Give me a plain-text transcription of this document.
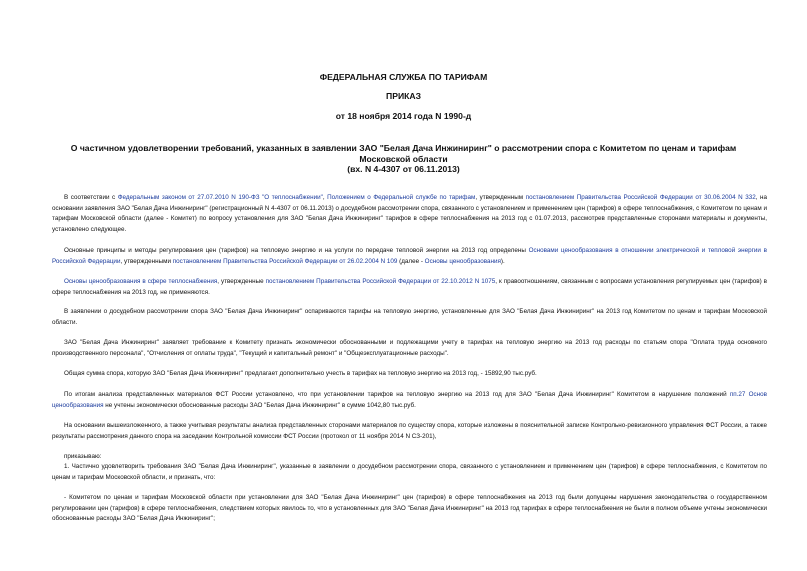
ФЕДЕРАЛЬНАЯ СЛУЖБА ПО ТАРИФАМ
ПРИКАЗ
от 18 ноября 2014 года N 1990-д
О частичном удовлетворении требований, указанных в заявлении ЗАО "Белая Дача Инжиниринг" о рассмотрении спора с Комитетом по ценам и тарифам
Московской области
(вх. N 4-4307 от 06.11.2013)
В соответствии с Федеральным законом от 27.07.2010 N 190-ФЗ "О теплоснабжении", Положением о Федеральной службе по тарифам, утвержденным постановлением Правительства Российской Федерации от 30.06.2004 N 332, на основании заявления ЗАО "Белая Дача Инжиниринг" (регистрационный N 4-4307 от 06.11.2013) о досудебном рассмотрении спора, связанного с установлением и применением цен (тарифов) в сфере теплоснабжения, с Комитетом по ценам и тарифам Московской области (далее - Комитет) по вопросу установления для ЗАО "Белая Дача Инжиниринг" тарифов в сфере теплоснабжения на 2013 год с 01.07.2013, рассмотрев представленные сторонами материалы и документы, установлено следующее.
Основные принципы и методы регулирования цен (тарифов) на тепловую энергию и на услуги по передаче тепловой энергии на 2013 год определены Основами ценообразования в отношении электрической и тепловой энергии в Российской Федерации, утвержденными постановлением Правительства Российской Федерации от 26.02.2004 N 109 (далее - Основы ценообразования).
Основы ценообразования в сфере теплоснабжения, утвержденные постановлением Правительства Российской Федерации от 22.10.2012 N 1075, к правоотношениям, связанным с вопросами установления регулируемых цен (тарифов) в сфере теплоснабжения на 2013 год, не применяются.
В заявлении о досудебном рассмотрении спора ЗАО "Белая Дача Инжиниринг" оспариваются тарифы на тепловую энергию, установленные для ЗАО "Белая Дача Инжиниринг" на 2013 год Комитетом по ценам и тарифам Московской области.
ЗАО "Белая Дача Инжиниринг" заявляет требование к Комитету признать экономически обоснованными и подлежащими учету в тарифах на тепловую энергию на 2013 год расходы по статьям спора "Оплата труда основного производственного персонала", "Отчисления от оплаты труда", "Текущий и капитальный ремонт" и "Общеэксплуатационные расходы".
Общая сумма спора, которую ЗАО "Белая Дача Инжиниринг" предлагает дополнительно учесть в тарифах на тепловую энергию на 2013 год, - 15892,90 тыс.руб.
По итогам анализа представленных материалов ФСТ России установлено, что при установлении тарифов на тепловую энергию на 2013 год для ЗАО "Белая Дача Инжиниринг" Комитетом в нарушение положений пп.27 Основ ценообразования не учтены экономически обоснованные расходы ЗАО "Белая Дача Инжиниринг" в сумме 1042,80 тыс.руб.
На основании вышеизложенного, а также учитывая результаты анализа представленных сторонами материалов по существу спора, которые изложены в пояснительной записке Контрольно-ревизионного управления ФСТ России, а также результаты рассмотрения данного спора на заседании Контрольной комиссии ФСТ России (протокол от 11 ноября 2014 N СЗ-201),
приказываю:
1. Частично удовлетворить требования ЗАО "Белая Дача Инжиниринг", указанные в заявлении о досудебном рассмотрении спора, связанного с установлением и применением цен (тарифов) в сфере теплоснабжения, с Комитетом по ценам и тарифам Московской области, и признать, что:
- Комитетом по ценам и тарифам Московской области при установлении для ЗАО "Белая Дача Инжиниринг" цен (тарифов) в сфере теплоснабжения на 2013 год были допущены нарушения законодательства о государственном регулировании цен (тарифов) в сфере теплоснабжения, следствием которых явилось то, что в установленных для ЗАО "Белая Дача Инжиниринг" на 2013 год тарифах в сфере теплоснабжения не были в полном объеме учтены экономически обоснованные расходы ЗАО "Белая Дача Инжиниринг";
